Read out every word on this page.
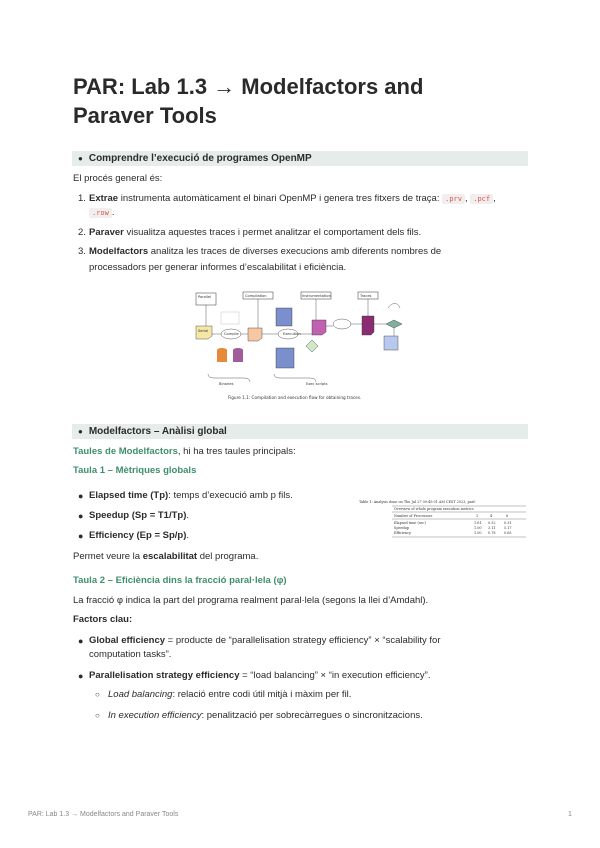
PAR: Lab 1.3 → Modelfactors and
Paraver Tools
● Comprendre l’execució de programes OpenMP
El procés general és:
1. Extrae instrumenta automàticament el binari OpenMP i genera tres fitxers de traça: .prv , .pcf ,
.row .
2. Paraver visualitza aquestes traces i permet analitzar el comportament dels fils.
3. Modelfactors analitza les traces de diverses execucions amb diferents nombres de
processadors per generar informes d’escalabilitat i eficiència.
Parallel	Compilation	Instrumentation	Traces
Serial
Compile	Execution
Binaries	Exec scripts
Figure 1.1: Compilation and execution flow for obtaining traces.
● Modelfactors – Anàlisi global
Taules de Modelfactors, hi ha tres taules principals:
Taula 1 – Mètriques globals
● Elapsed time (Tp): temps d’execució amb p fils.
● Speedup (Sp = T1/Tp).
● Efficiency (Ep = Sp/p).
Table 1: Analysis done on Thu Jul 27 09:45:01 AM CEST 2023, par0
Overview of whole program execution metrics
Number of Processors	1	4	8
Elapsed time (sec)	1.61 0.52 0.31
Speedup	1.00 3.11 5.17
Efficiency	1.00 0.78 0.65
Permet veure la escalabilitat del programa.
Taula 2 – Eficiència dins la fracció paral·lela (φ)
La fracció φ indica la part del programa realment paral·lela (segons la llei d’Amdahl).
Factors clau:
● Global efficiency = producte de “parallelisation strategy efficiency” × “scalability for
computation tasks”.
● Parallelisation strategy efficiency = “load balancing” × “in execution efficiency”.
○ Load balancing: relació entre codi útil mitjà i màxim per fil.
○ In execution efficiency: penalització per sobrecàrregues o sincronitzacions.
PAR: Lab 1.3 → Modelfactors and Paraver Tools	1
